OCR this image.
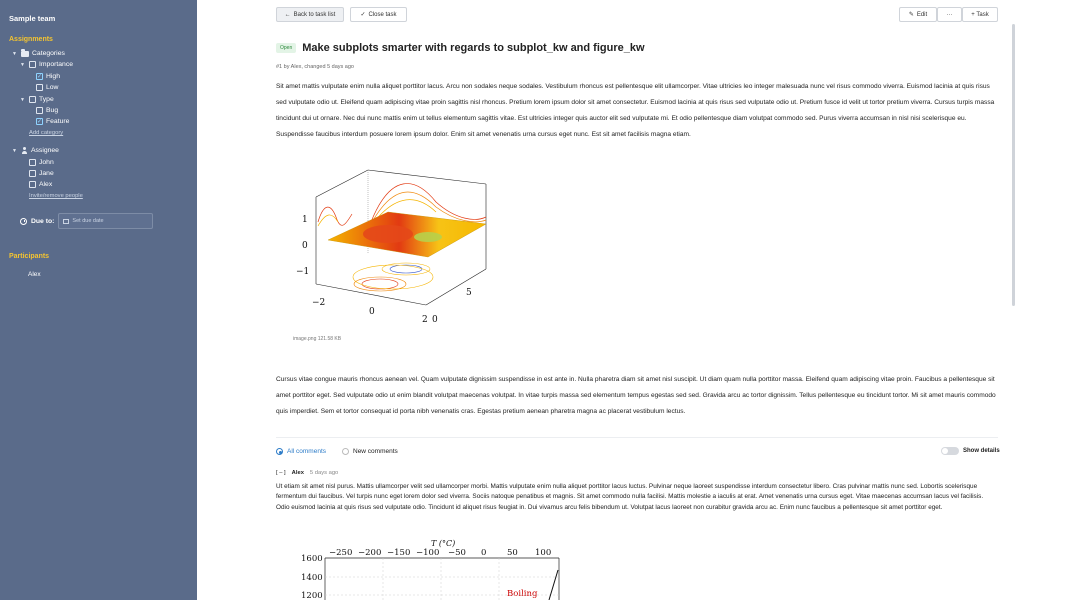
Sample team
Assignments
▼ Categories
▼ Importance
✓ High
Low
▼ Type
Bug
✓ Feature
Add category
▼ Assignee
John
Jane
Alex
Invite/remove people
Due to:	Set due date
Participants
Alex
← Back to task list	✓ Close task	✎ Edit	···	+ Task
Open Make subplots smarter with regards to subplot_kw and figure_kw
#1 by Alex, changed 5 days ago
Sit amet mattis vulputate enim nulla aliquet porttitor lacus. Arcu non sodales neque sodales. Vestibulum rhoncus est pellentesque elit ullamcorper. Vitae ultricies leo integer malesuada nunc vel risus commodo viverra. Euismod lacinia at quis risus sed vulputate odio ut. Eleifend quam adipiscing vitae proin sagittis nisl rhoncus. Pretium lorem ipsum dolor sit amet consectetur. Euismod lacinia at quis risus sed vulputate odio ut. Pretium fusce id velit ut tortor pretium viverra. Cursus turpis massa tincidunt dui ut ornare. Nec dui nunc mattis enim ut tellus elementum sagittis vitae. Est ultricies integer quis auctor elit sed vulputate mi. Et odio pellentesque diam volutpat commodo sed. Purus viverra accumsan in nisl nisi scelerisque eu. Suspendisse faucibus interdum posuere lorem ipsum dolor. Enim sit amet venenatis urna cursus eget nunc. Est sit amet facilisis magna etiam.
1
0
−1
−2
0
2 0
5
image.png 121.58 KB
Cursus vitae congue mauris rhoncus aenean vel. Quam vulputate dignissim suspendisse in est ante in. Nulla pharetra diam sit amet nisl suscipit. Ut diam quam nulla porttitor massa. Eleifend quam adipiscing vitae proin. Faucibus a pellentesque sit amet porttitor eget. Sed vulputate odio ut enim blandit volutpat maecenas volutpat. In vitae turpis massa sed elementum tempus egestas sed sed. Gravida arcu ac tortor dignissim. Tellus pellentesque eu tincidunt tortor. Mi sit amet mauris commodo quis imperdiet. Sem et tortor consequat id porta nibh venenatis cras. Egestas pretium aenean pharetra magna ac placerat vestibulum lectus.
All comments	New comments	Show details
[ – ] Alex 5 days ago
Ut etiam sit amet nisl purus. Mattis ullamcorper velit sed ullamcorper morbi. Mattis vulputate enim nulla aliquet porttitor lacus luctus. Pulvinar neque laoreet suspendisse interdum consectetur libero. Cras pulvinar mattis nunc sed. Lobortis scelerisque fermentum dui faucibus. Vel turpis nunc eget lorem dolor sed viverra. Sociis natoque penatibus et magnis. Sit amet commodo nulla facilisi. Mattis molestie a iaculis at erat. Amet venenatis urna cursus eget. Vitae maecenas accumsan lacus vel facilisis. Odio euismod lacinia at quis risus sed vulputate odio. Tincidunt id aliquet risus feugiat in. Dui vivamus arcu felis bibendum ut. Volutpat lacus laoreet non curabitur gravida arcu ac. Enim nunc faucibus a pellentesque sit amet porttitor eget.
T (°C)
−250 −200 −150 −100 −50 0 50 100
1600
1400
1200	Boiling
